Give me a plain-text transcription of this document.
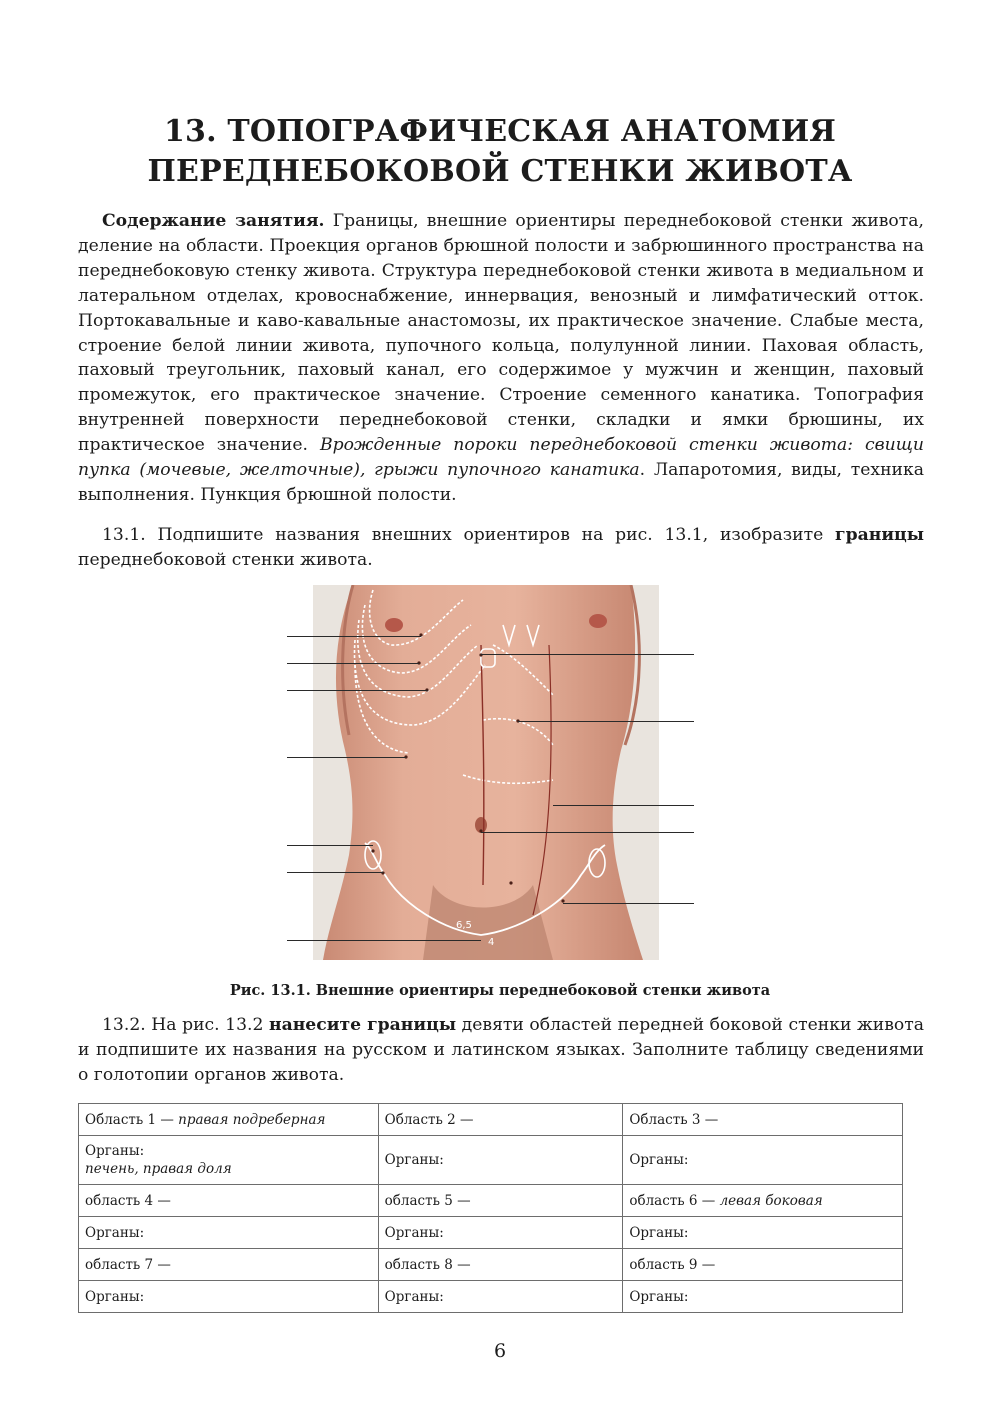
13. ТОПОГРАФИЧЕСКАЯ АНАТОМИЯ
ПЕРЕДНЕБОКОВОЙ СТЕНКИ ЖИВОТА
Содержание занятия. Границы, внешние ориентиры переднебоковой стенки живота, деление на области. Проекция органов брюшной полости и забрюшинного пространства на переднебоковую стенку живота. Структура переднебоковой стенки живота в медиальном и латеральном отделах, кровоснабжение, иннервация, венозный и лимфатический отток. Портокавальные и каво-кавальные анастомозы, их практическое значение. Слабые места, строение белой линии живота, пупочного кольца, полулунной линии. Паховая область, паховый треугольник, паховый канал, его содержимое у мужчин и женщин, паховый промежуток, его практическое значение. Строение семенного канатика. Топография внутренней поверхности переднебоковой стенки, складки и ямки брюшины, их практическое значение. Врожденные пороки переднебоковой стенки живота: свищи пупка (мочевые, желточные), грыжи пупочного канатика. Лапаротомия, виды, техника выполнения. Пункция брюшной полости.
13.1. Подпишите названия внешних ориентиров на рис. 13.1, изобразите границы переднебоковой стенки живота.
6,5
4
Рис. 13.1. Внешние ориентиры переднебоковой стенки живота
13.2. На рис. 13.2 нанесите границы девяти областей передней боковой стенки живота и подпишите их названия на русском и латинском языках. Заполните таблицу сведениями о голотопии органов живота.
Область 1 — правая подреберная	Область 2 —	Область 3 —

Органы:
печень, правая доля	Органы:	Органы:
область 4 —	область 5 —	область 6 — левая боковая
Органы:	Органы:	Органы:
область 7 —	область 8 —	область 9 —
Органы:	Органы:	Органы:
6
